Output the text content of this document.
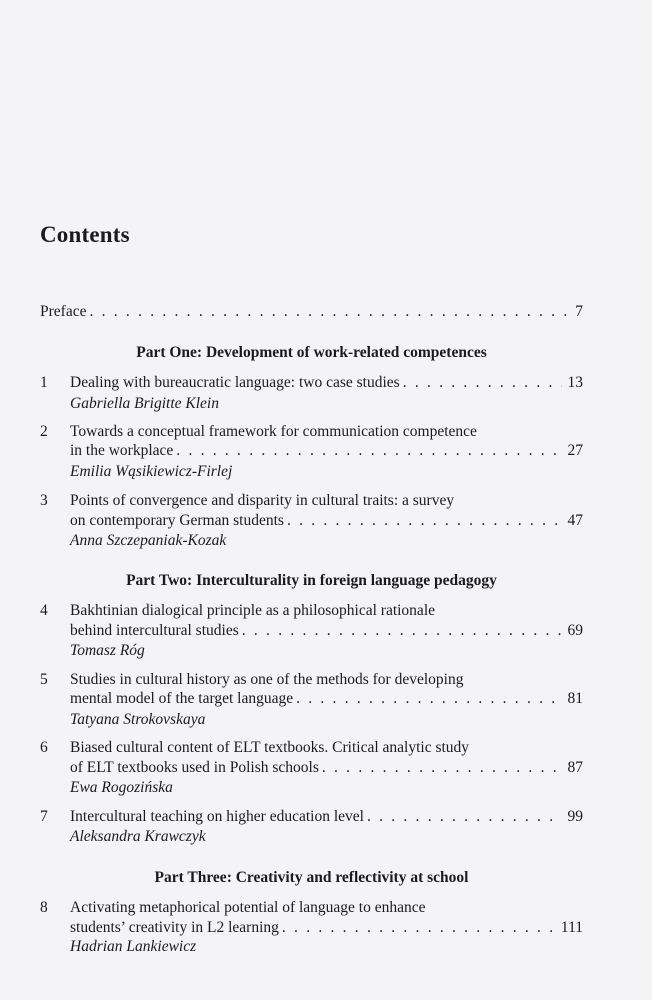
Contents
Preface . . .	7
Part One: Development of work-related competences
1	Dealing with bureaucratic language: two case studies . . .	13
Gabriella Brigitte Klein
2	Towards a conceptual framework for communication competence
in the workplace . . .	27
Emilia Wąsikiewicz-Firlej
3	Points of convergence and disparity in cultural traits: a survey
on contemporary German students . . .	47
Anna Szczepaniak-Kozak
Part Two: Interculturality in foreign language pedagogy
4	Bakhtinian dialogical principle as a philosophical rationale
behind intercultural studies . . .	69
Tomasz Róg
5	Studies in cultural history as one of the methods for developing
mental model of the target language . . .	81
Tatyana Strokovskaya
6	Biased cultural content of ELT textbooks. Critical analytic study
of ELT textbooks used in Polish schools . . .	87
Ewa Rogozińska
7	Intercultural teaching on higher education level . . .	99
Aleksandra Krawczyk
Part Three: Creativity and reflectivity at school
8	Activating metaphorical potential of language to enhance
students’ creativity in L2 learning . . .	111
Hadrian Lankiewicz
